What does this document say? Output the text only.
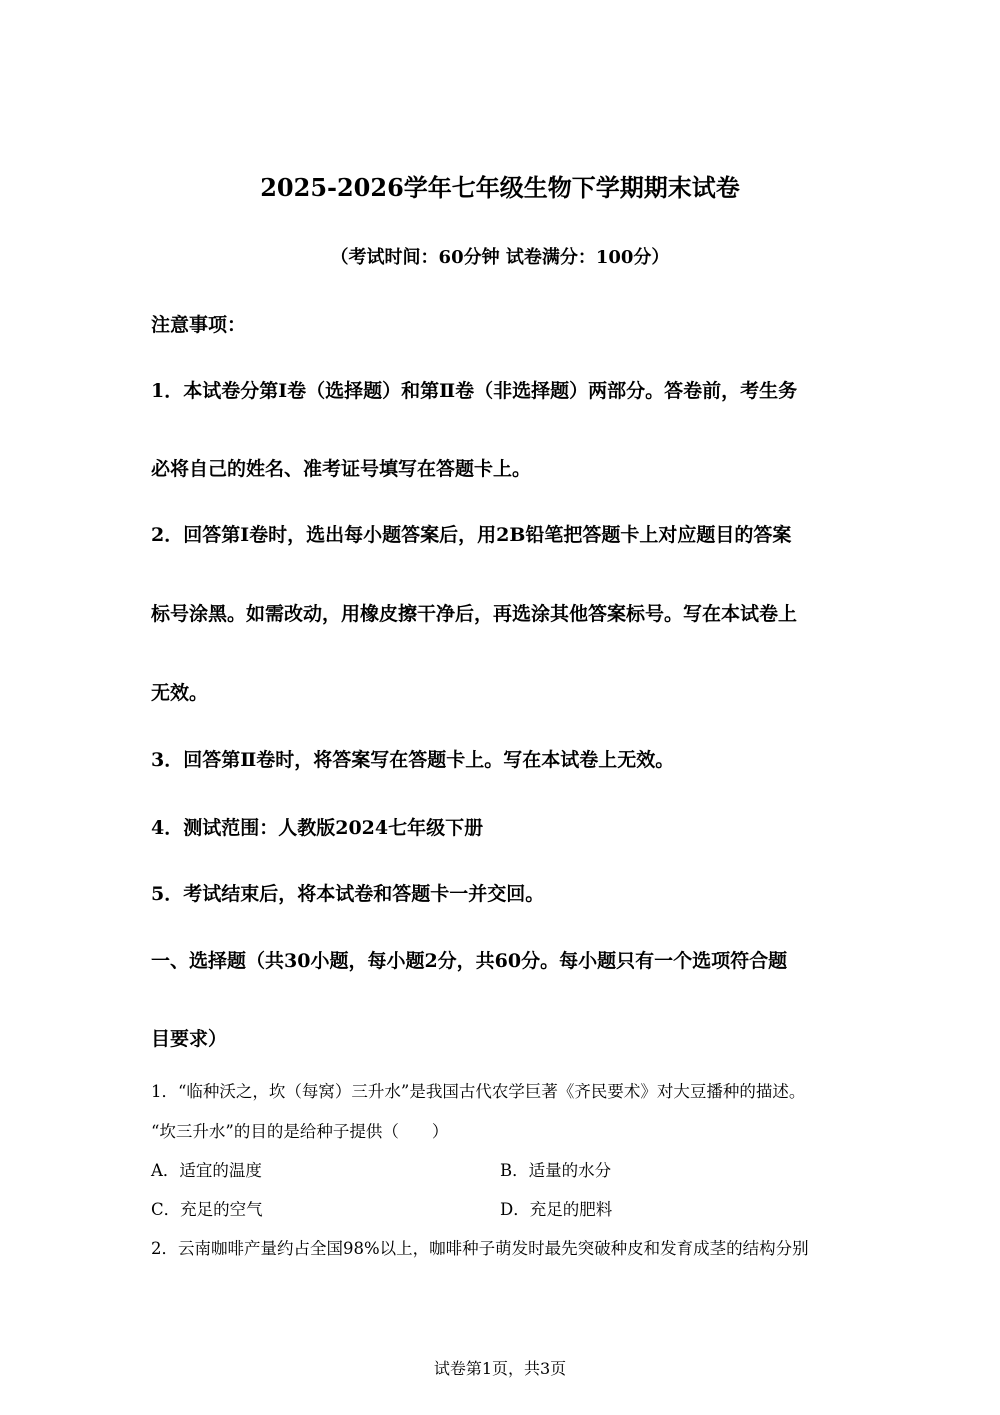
2025-2026学年七年级生物下学期期末试卷
（考试时间：60分钟 试卷满分：100分）
注意事项：
1．本试卷分第Ⅰ卷（选择题）和第Ⅱ卷（非选择题）两部分。答卷前，考生务
必将自己的姓名、准考证号填写在答题卡上。
2．回答第Ⅰ卷时，选出每小题答案后，用2B铅笔把答题卡上对应题目的答案
标号涂黑。如需改动，用橡皮擦干净后，再选涂其他答案标号。写在本试卷上
无效。
3．回答第Ⅱ卷时，将答案写在答题卡上。写在本试卷上无效。
4．测试范围：人教版2024七年级下册
5．考试结束后，将本试卷和答题卡一并交回。
一、选择题（共30小题，每小题2分，共60分。每小题只有一个选项符合题
目要求）
1．“临种沃之，坎（每窝）三升水”是我国古代农学巨著《齐民要术》对大豆播种的描述。
“坎三升水”的目的是给种子提供（　　）
A．适宜的温度	B．适量的水分
C．充足的空气	D．充足的肥料
2．云南咖啡产量约占全国98%以上，咖啡种子萌发时最先突破种皮和发育成茎的结构分别
试卷第1页，共3页
